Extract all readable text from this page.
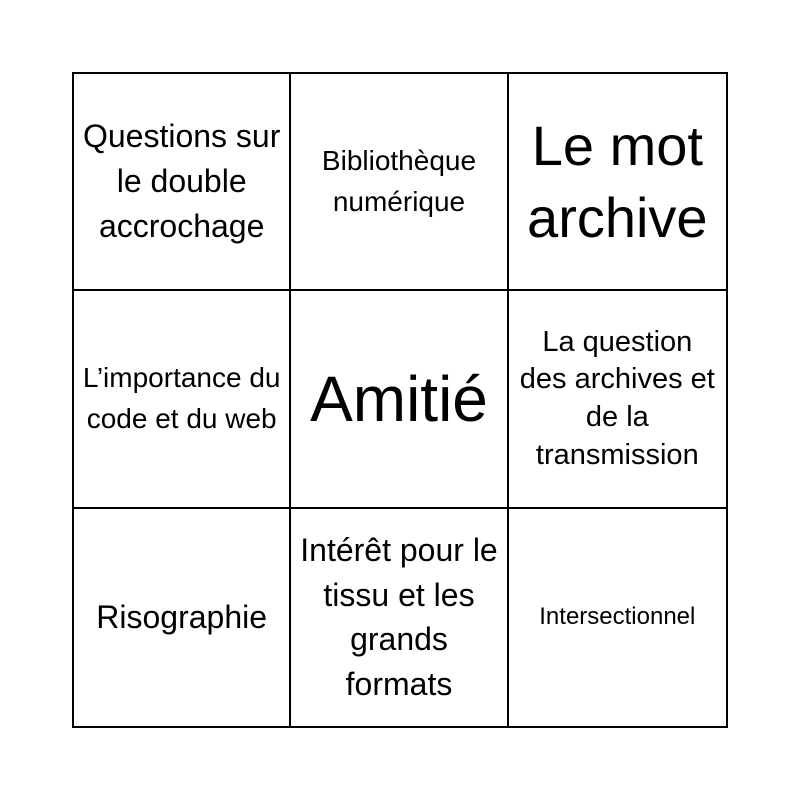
Questions sur le double accrochage
Bibliothèque numérique
Le mot archive
L’importance du code et du web Amitié
La question des archives et de la transmission
Risographie
Intérêt pour le tissu et les grands formats
Intersectionnel
